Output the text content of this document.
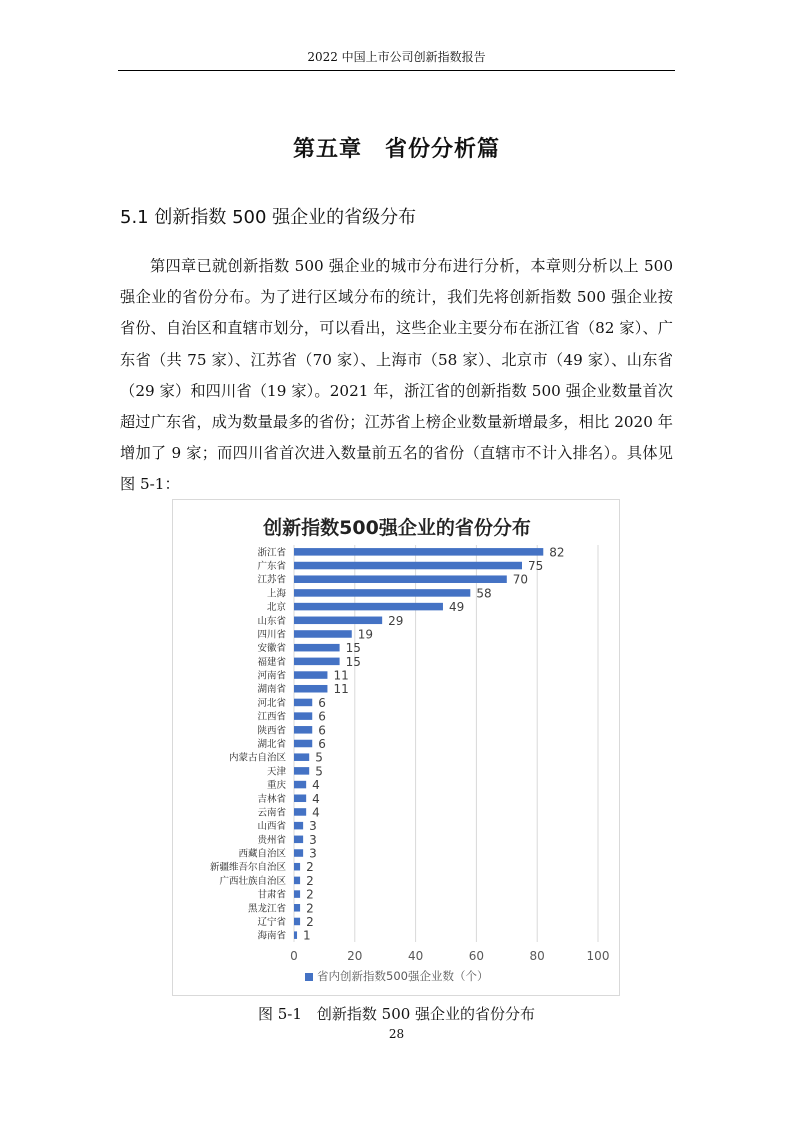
2022 中国上市公司创新指数报告
第五章　省份分析篇
5.1 创新指数 500 强企业的省级分布
第四章已就创新指数 500 强企业的城市分布进行分析，本章则分析以上 500 强企业的省份分布。为了进行区域分布的统计，我们先将创新指数 500 强企业按省份、自治区和直辖市划分，可以看出，这些企业主要分布在浙江省（82 家）、广东省（共 75 家）、江苏省（70 家）、上海市（58 家）、北京市（49 家）、山东省（29 家）和四川省（19 家）。2021 年，浙江省的创新指数 500 强企业数量首次超过广东省，成为数量最多的省份；江苏省上榜企业数量新增最多，相比 2020 年增加了 9 家；而四川省首次进入数量前五名的省份（直辖市不计入排名）。具体见图 5-1：
创新指数500强企业的省份分布
0	20	40	60	80	100
浙江省	82
广东省	75
江苏省	70
上海	58
北京	49
山东省	29
四川省	19
安徽省	15
福建省	15
河南省	11
湖南省	11
河北省	6
江西省	6
陕西省	6
湖北省	6
内蒙古自治区 5
天津 5
重庆 4
吉林省 4
云南省 4
山西省 3
贵州省 3
西藏自治区 3
新疆维吾尔自治区 2
广西壮族自治区 2
甘肃省 2
黑龙江省 2
辽宁省 2
海南省 1
省内创新指数500强企业数（个）
图 5-1　创新指数 500 强企业的省份分布
28
